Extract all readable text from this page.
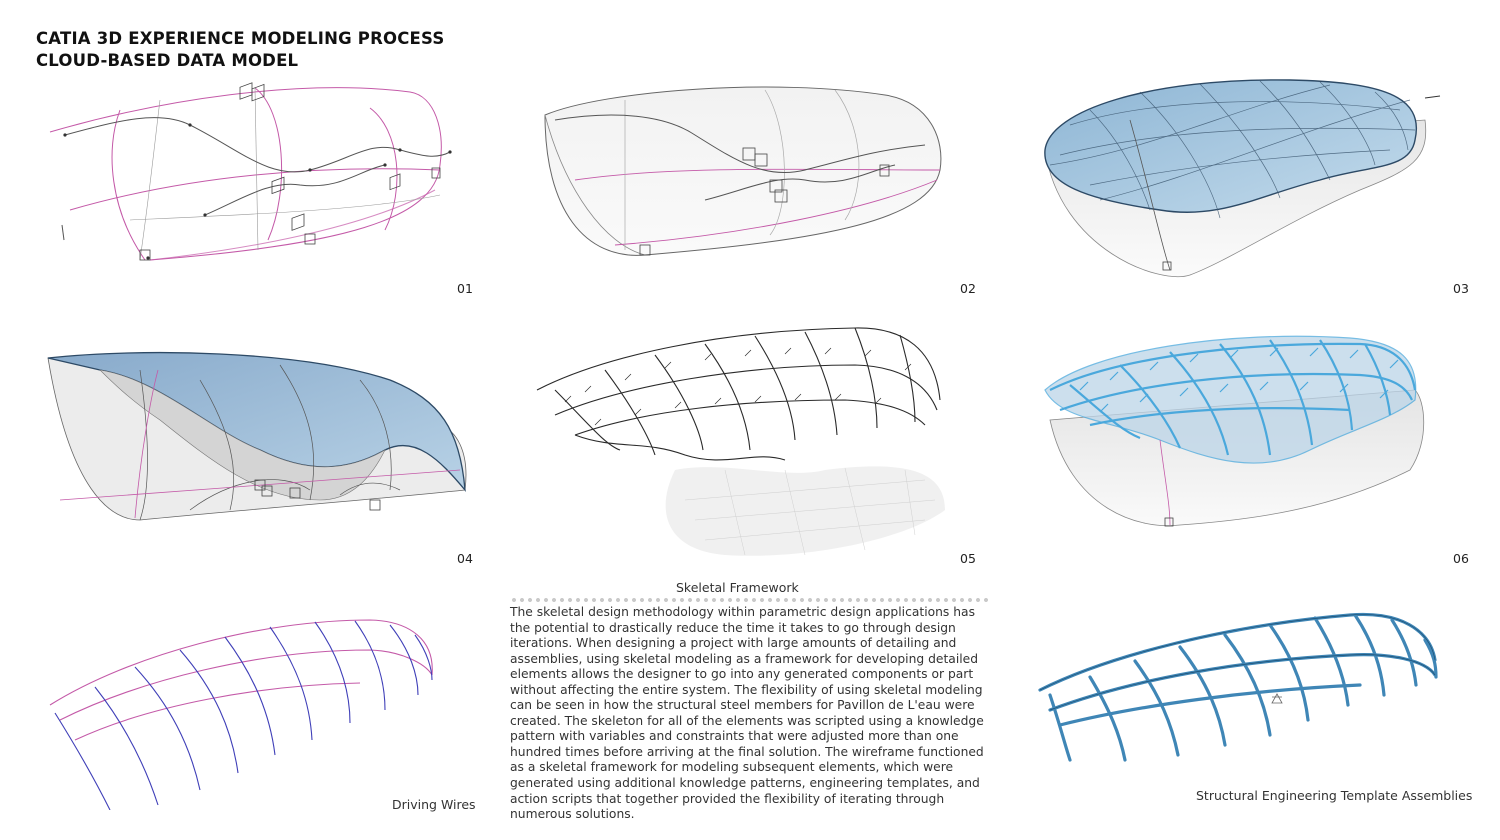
CATIA 3D EXPERIENCE MODELING PROCESS
CLOUD-BASED DATA MODEL
01	02	03
04	05	06
Driving Wires
Skeletal Framework
The skeletal design methodology within parametric design applications has the potential to drastically reduce the time it takes to go through design iterations. When designing a project with large amounts of detailing and assemblies, using skeletal modeling as a framework for developing detailed elements allows the designer to go into any generated components or part without affecting the entire system. The flexibility of using skeletal modeling can be seen in how the structural steel members for Pavillon de L'eau were created. The skeleton for all of the elements was scripted using a knowledge pattern with variables and constraints that were adjusted more than one hundred times before arriving at the final solution. The wireframe functioned as a skeletal framework for modeling subsequent elements, which were generated using additional knowledge patterns, engineering templates, and action scripts that together provided the flexibility of iterating through numerous solutions.
Structural Engineering Template Assemblies
